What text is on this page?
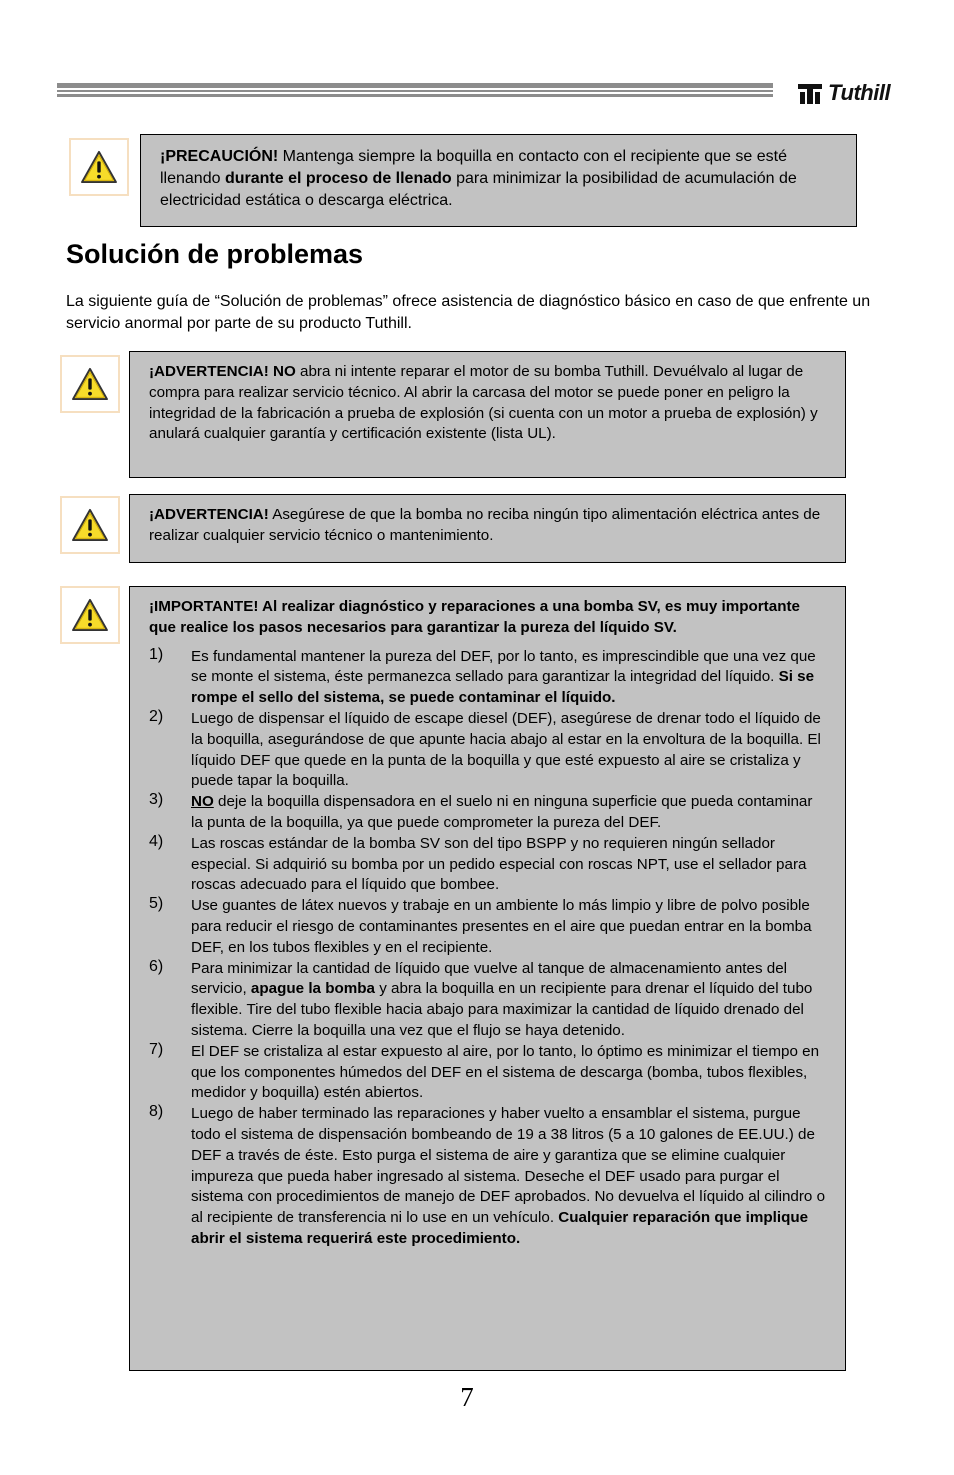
Tuthill
¡PRECAUCIÓN! Mantenga siempre la boquilla en contacto con el recipiente que se esté llenando durante el proceso de llenado para minimizar la posibilidad de acumulación de electricidad estática o descarga eléctrica.
Solución de problemas

La siguiente guía de “Solución de problemas” ofrece asistencia de diagnóstico básico en caso de que enfrente un servicio anormal por parte de su producto Tuthill.

¡ADVERTENCIA! NO abra ni intente reparar el motor de su bomba Tuthill. Devuélvalo al lugar de compra para realizar servicio técnico. Al abrir la carcasa del motor se puede poner en peligro la integridad de la fabricación a prueba de explosión (si cuenta con un motor a prueba de explosión) y anulará cualquier garantía y certificación existente (lista UL).
¡ADVERTENCIA! Asegúrese de que la bomba no reciba ningún tipo alimentación eléctrica antes de realizar cualquier servicio técnico o mantenimiento.
¡IMPORTANTE! Al realizar diagnóstico y reparaciones a una bomba SV, es muy importante que realice los pasos necesarios para garantizar la pureza del líquido SV.
1) Es fundamental mantener la pureza del DEF, por lo tanto, es imprescindible que una vez que se monte el sistema, éste permanezca sellado para garantizar la integridad del líquido. Si se rompe el sello del sistema, se puede contaminar el líquido.
2) Luego de dispensar el líquido de escape diesel (DEF), asegúrese de drenar todo el líquido de la boquilla, asegurándose de que apunte hacia abajo al estar en la envoltura de la boquilla. El líquido DEF que quede en la punta de la boquilla y que esté expuesto al aire se cristaliza y puede tapar la boquilla.
3) NO deje la boquilla dispensadora en el suelo ni en ninguna superficie que pueda contaminar la punta de la boquilla, ya que puede comprometer la pureza del DEF.
4) Las roscas estándar de la bomba SV son del tipo BSPP y no requieren ningún sellador especial. Si adquirió su bomba por un pedido especial con roscas NPT, use el sellador para roscas adecuado para el líquido que bombee.
5) Use guantes de látex nuevos y trabaje en un ambiente lo más limpio y libre de polvo posible para reducir el riesgo de contaminantes presentes en el aire que puedan entrar en la bomba DEF, en los tubos flexibles y en el recipiente.
6) Para minimizar la cantidad de líquido que vuelve al tanque de almacenamiento antes del servicio, apague la bomba y abra la boquilla en un recipiente para drenar el líquido del tubo flexible. Tire del tubo flexible hacia abajo para maximizar la cantidad de líquido drenado del sistema. Cierre la boquilla una vez que el flujo se haya detenido.
7) El DEF se cristaliza al estar expuesto al aire, por lo tanto, lo óptimo es minimizar el tiempo en que los componentes húmedos del DEF en el sistema de descarga (bomba, tubos flexibles, medidor y boquilla) estén abiertos.
8) Luego de haber terminado las reparaciones y haber vuelto a ensamblar el sistema, purgue todo el sistema de dispensación bombeando de 19 a 38 litros (5 a 10 galones de EE.UU.) de DEF a través de éste. Esto purga el sistema de aire y garantiza que se elimine cualquier impureza que pueda haber ingresado al sistema. Deseche el DEF usado para purgar el sistema con procedimientos de manejo de DEF aprobados. No devuelva el líquido al cilindro o al recipiente de transferencia ni lo use en un vehículo. Cualquier reparación que implique abrir el sistema requerirá este procedimiento.
7
